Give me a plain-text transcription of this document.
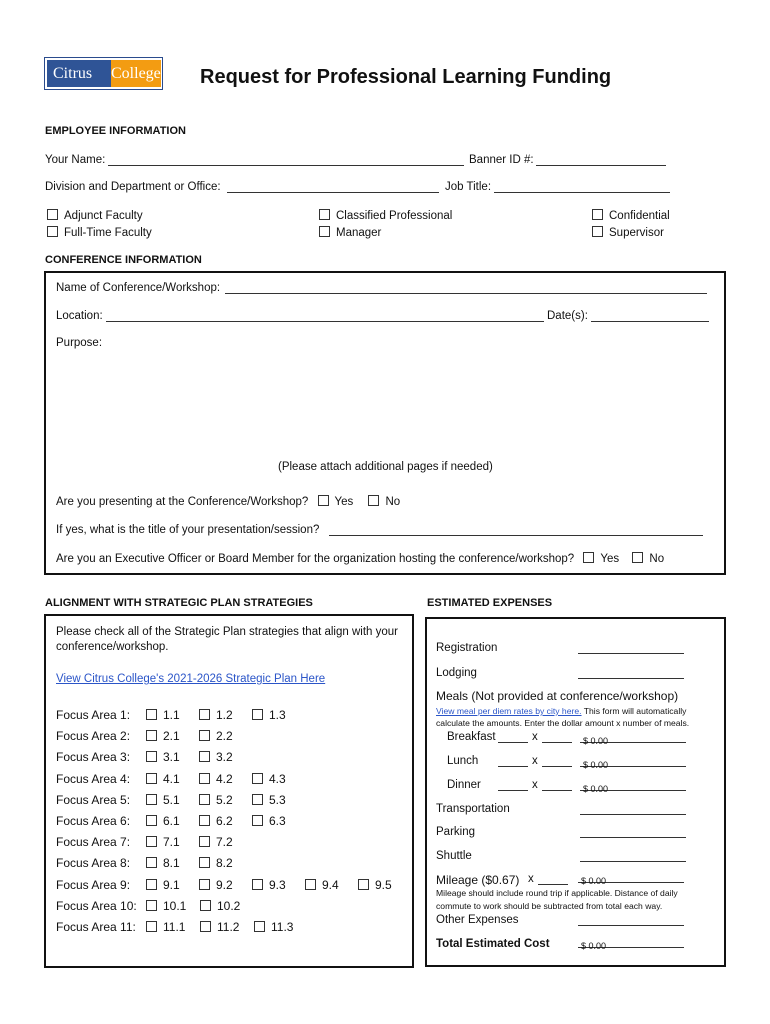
Citrus	College Request for Professional Learning Funding
EMPLOYEE INFORMATION
Your Name:	Banner ID #:
Division and Department or Office:	Job Title:
Adjunct Faculty
Full-Time Faculty
Classified Professional
Manager
Confidential
Supervisor
CONFERENCE INFORMATION
Name of Conference/Workshop:
Location:	Date(s):
Purpose:
(Please attach additional pages if needed)
Are you presenting at the Conference/Workshop? Yes	No
If yes, what is the title of your presentation/session?
Are you an Executive Officer or Board Member for the organization hosting the conference/workshop? Yes	No
ALIGNMENT WITH STRATEGIC PLAN STRATEGIES
Please check all of the Strategic Plan strategies that align with your
conference/workshop.
View Citrus College's 2021-2026 Strategic Plan Here
Focus Area 1:	1.1	1.2	1.3
Focus Area 2:	2.1	2.2
Focus Area 3:	3.1	3.2
Focus Area 4:	4.1	4.2	4.3
Focus Area 5:	5.1	5.2	5.3
Focus Area 6:	6.1	6.2	6.3
Focus Area 7:	7.1	7.2
Focus Area 8:	8.1	8.2
Focus Area 9:	9.1	9.2	9.3	9.4	9.5
Focus Area 10:	10.1	10.2
Focus Area 11:	11.1	11.2	11.3
ESTIMATED EXPENSES
Registration
Lodging
Meals (Not provided at conference/workshop)
View meal per diem rates by city here. This form will automatically
calculate the amounts. Enter the dollar amount x number of meals.
Breakfast	x	$ 0.00
Lunch	x	$ 0.00
Dinner	x	$ 0.00
Transportation
Parking
Shuttle
Mileage ($0.67) x	$ 0.00
Mileage should include round trip if applicable. Distance of daily
commute to work should be subtracted from total each way.
Other Expenses
Total Estimated Cost	$ 0.00
